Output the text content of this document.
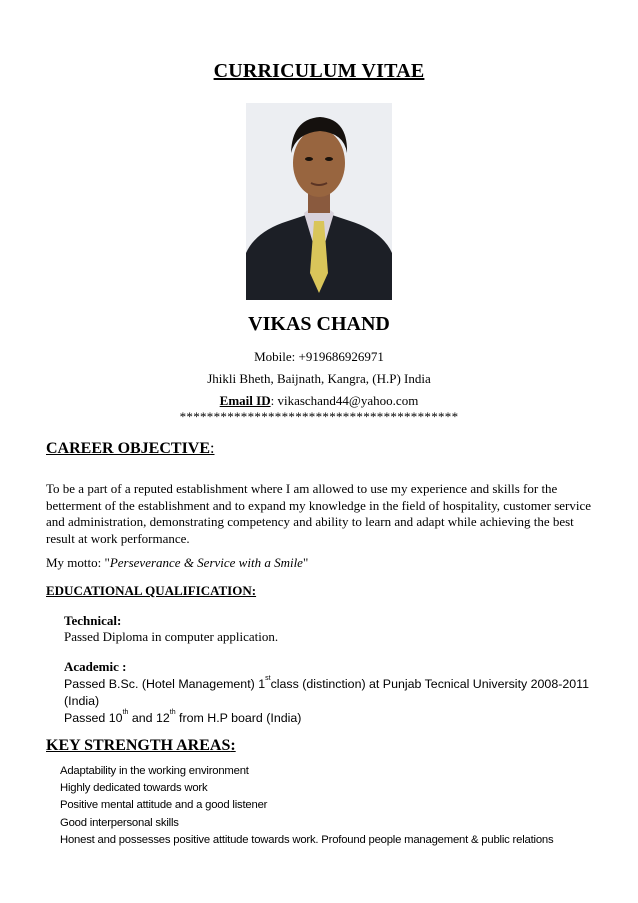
CURRICULUM VITAE
VIKAS CHAND
Mobile: +919686926971
Jhikli Bheth, Baijnath, Kangra, (H.P) India
Email ID: vikaschand44@yahoo.com
*****************************************
CAREER OBJECTIVE:
To be a part of a reputed establishment where I am allowed to use my experience and skills for the
betterment of the establishment and to expand my knowledge in the field of hospitality, customer service
and administration, demonstrating competency and ability to learn and adapt while achieving the best
result at work performance.
My motto: "Perseverance & Service with a Smile"
EDUCATIONAL QUALIFICATION:
Technical:
Passed Diploma in computer application.
Academic :
Passed B.Sc. (Hotel Management) 1stclass (distinction) at Punjab Tecnical University 2008-2011
(India)
Passed 10th and 12th from H.P board (India)
KEY STRENGTH AREAS:
Adaptability in the working environment
Highly dedicated towards work
Positive mental attitude and a good listener
Good interpersonal skills
Honest and possesses positive attitude towards work. Profound people management & public relations
